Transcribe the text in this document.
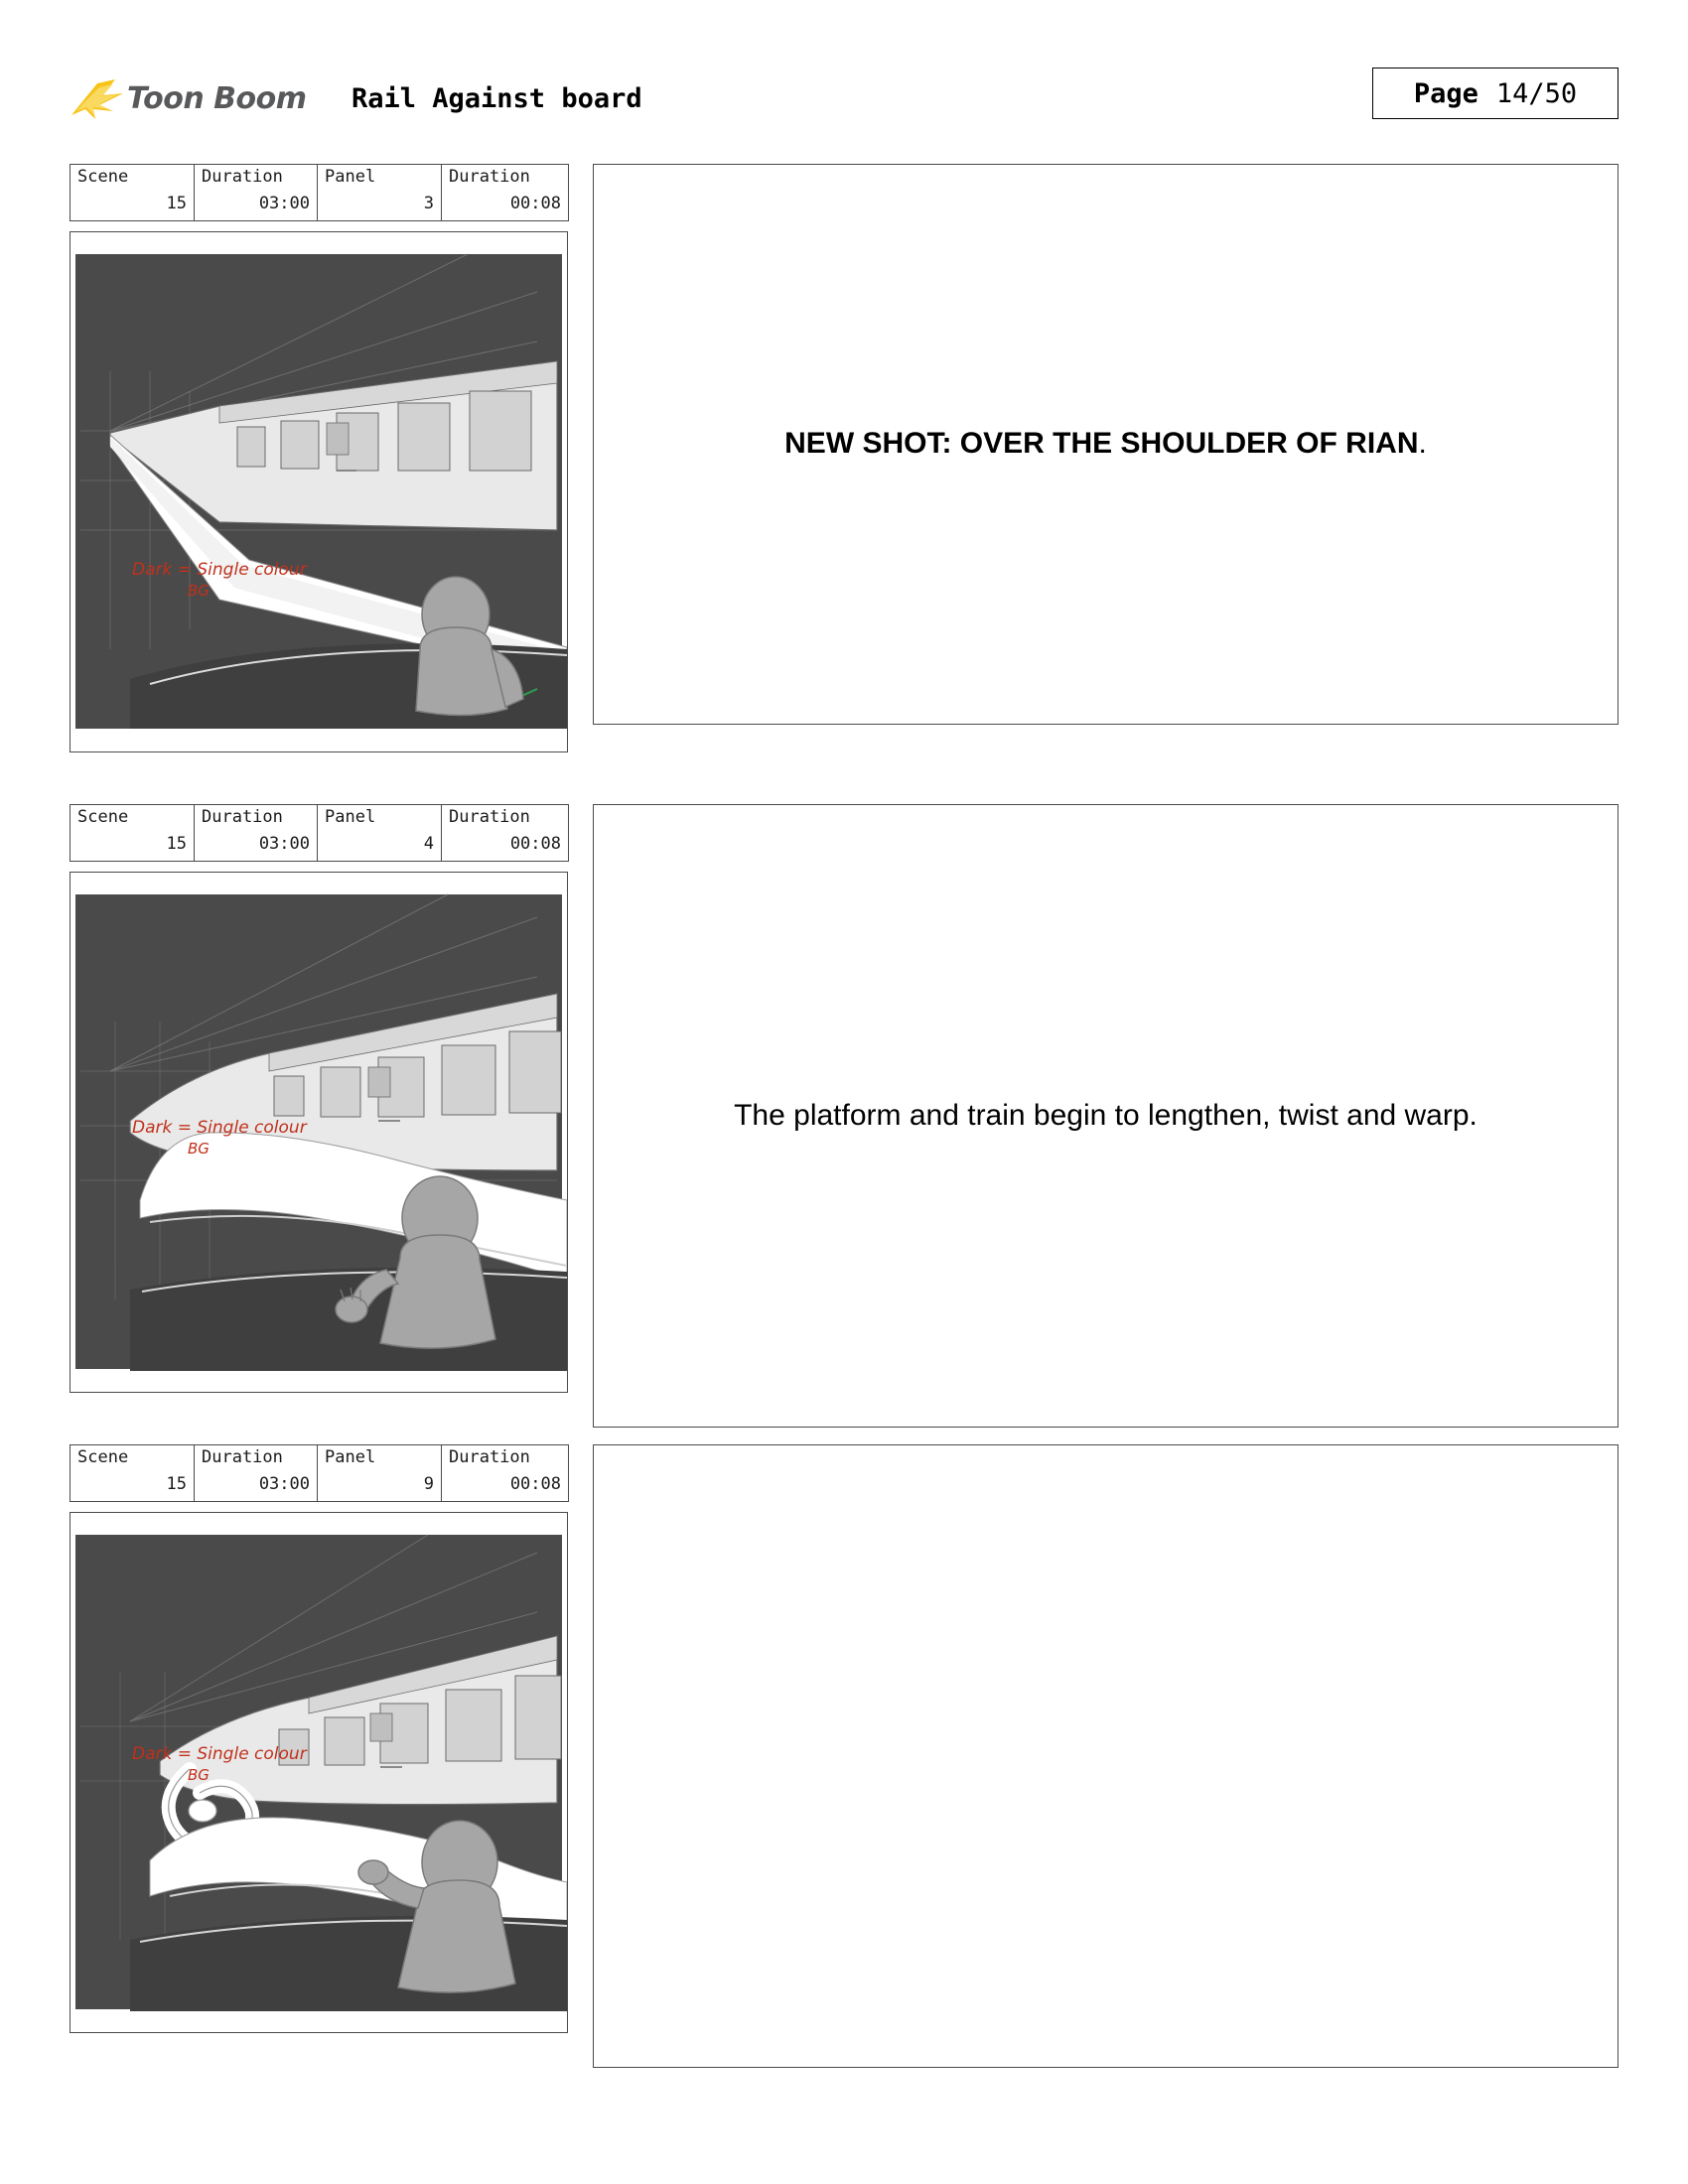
Toon Boom Rail Against board	Page 14/50
Scene	Duration	Panel	Duration
15	03:00	3	00:08
Dark = Single colour
BG
NEW SHOT: OVER THE SHOULDER OF RIAN.
Scene	Duration	Panel	Duration
15	03:00	4	00:08
Dark = Single colour
BG
The platform and train begin to lengthen, twist and warp.
Scene	Duration	Panel	Duration
15	03:00	9	00:08
Dark = Single colour
BG
